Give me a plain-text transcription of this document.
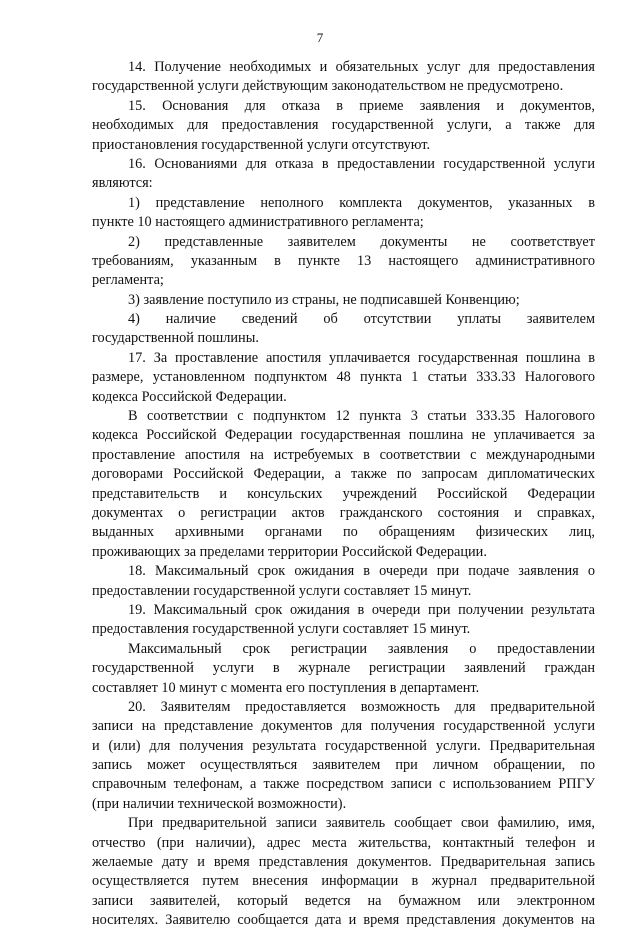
7
14. Получение необходимых и обязательных услуг для предоставления
государственной услуги действующим законодательством не предусмотрено.
15. Основания для отказа в приеме заявления и документов,
необходимых для предоставления государственной услуги, а также для
приостановления государственной услуги отсутствуют.
16. Основаниями для отказа в предоставлении государственной услуги
являются:
1) представление неполного комплекта документов, указанных в
пункте 10 настоящего административного регламента;
2) представленные заявителем документы не соответствует
требованиям, указанным в пункте 13 настоящего административного
регламента;
3) заявление поступило из страны, не подписавшей Конвенцию;
4) наличие сведений об отсутствии уплаты заявителем
государственной пошлины.
17. За проставление апостиля уплачивается государственная пошлина в
размере, установленном подпунктом 48 пункта 1 статьи 333.33 Налогового
кодекса Российской Федерации.
В соответствии с подпунктом 12 пункта 3 статьи 333.35 Налогового
кодекса Российской Федерации государственная пошлина не уплачивается за
проставление апостиля на истребуемых в соответствии с международными
договорами Российской Федерации, а также по запросам дипломатических
представительств и консульских учреждений Российской Федерации
документах о регистрации актов гражданского состояния и справках,
выданных архивными органами по обращениям физических лиц,
проживающих за пределами территории Российской Федерации.
18. Максимальный срок ожидания в очереди при подаче заявления о
предоставлении государственной услуги составляет 15 минут.
19. Максимальный срок ожидания в очереди при получении результата
предоставления государственной услуги составляет 15 минут.
Максимальный срок регистрации заявления о предоставлении
государственной услуги в журнале регистрации заявлений граждан
составляет 10 минут с момента его поступления в департамент.
20. Заявителям предоставляется возможность для предварительной
записи на представление документов для получения государственной услуги
и (или) для получения результата государственной услуги. Предварительная
запись может осуществляться заявителем при личном обращении, по
справочным телефонам, а также посредством записи с использованием РПГУ
(при наличии технической возможности).
При предварительной записи заявитель сообщает свои фамилию, имя,
отчество (при наличии), адрес места жительства, контактный телефон и
желаемые дату и время представления документов. Предварительная запись
осуществляется путем внесения информации в журнал предварительной
записи заявителей, который ведется на бумажном или электронном
носителях. Заявителю сообщается дата и время представления документов на
